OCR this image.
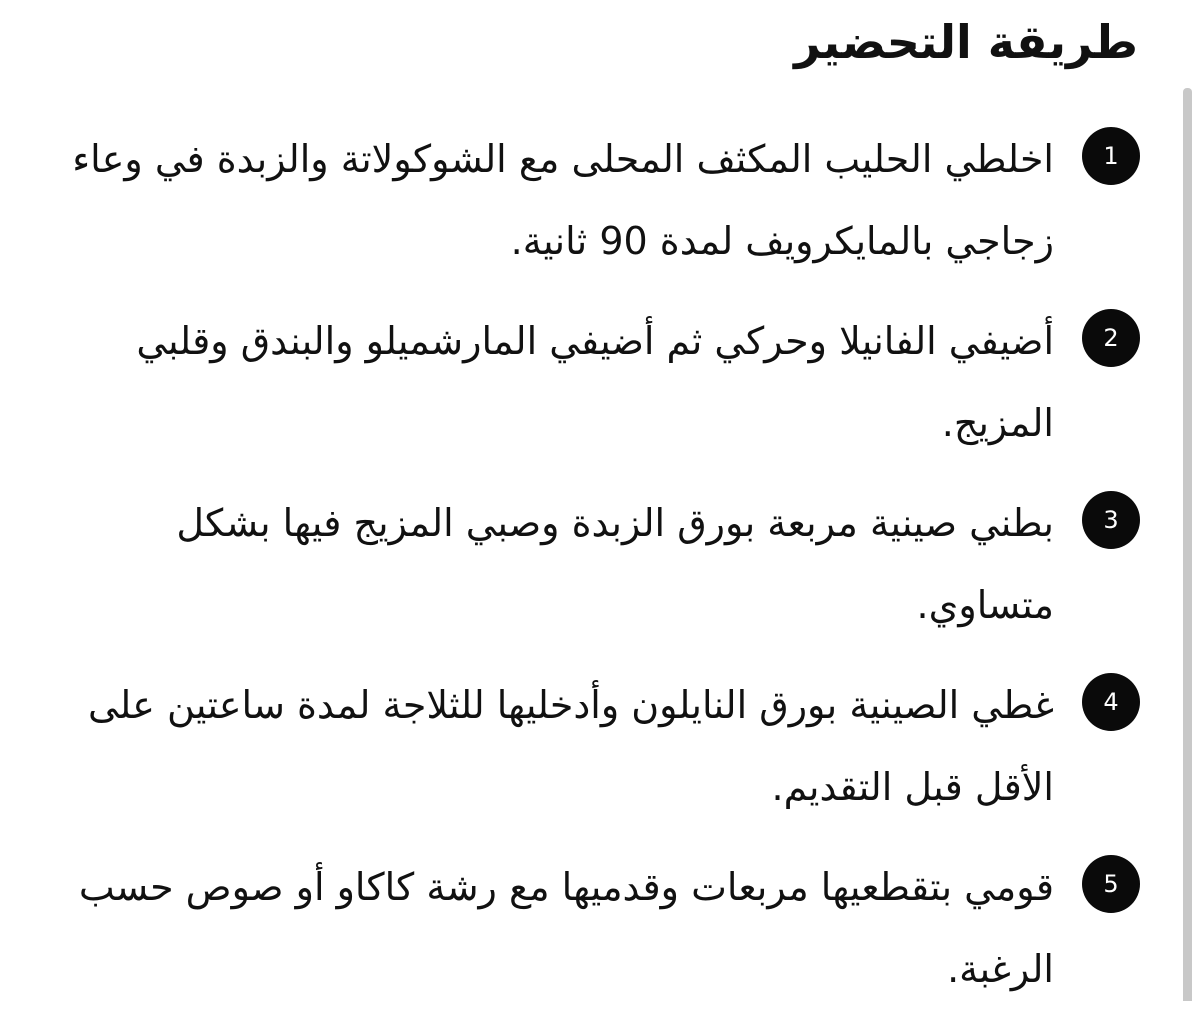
طريقة التحضير
1

اخلطي الحليب المكثف المحلى مع الشوكولاتة والزبدة في وعاء زجاجي بالمايكرويف لمدة 90 ثانية.

2

أضيفي الفانيلا وحركي ثم أضيفي المارشميلو والبندق وقلبي المزيج.

3

بطني صينية مربعة بورق الزبدة وصبي المزيج فيها بشكل متساوي.

4

غطي الصينية بورق النايلون وأدخليها للثلاجة لمدة ساعتين على الأقل قبل التقديم.

5

قومي بتقطعيها مربعات وقدميها مع رشة كاكاو أو صوص حسب الرغبة.
